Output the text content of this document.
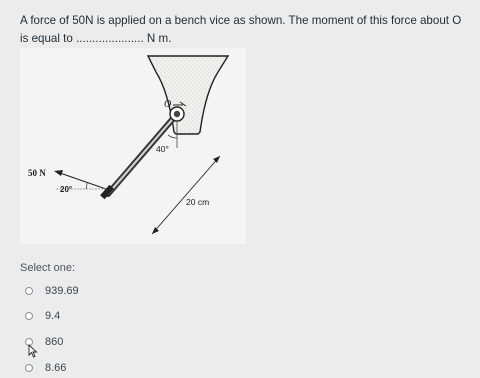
A force of 50N is applied on a bench vice as shown. The moment of this force about O is equal to ..................... N m.
O
40°
20 cm
50 N
20°
Select one:
939.69
9.4
860
8.66
